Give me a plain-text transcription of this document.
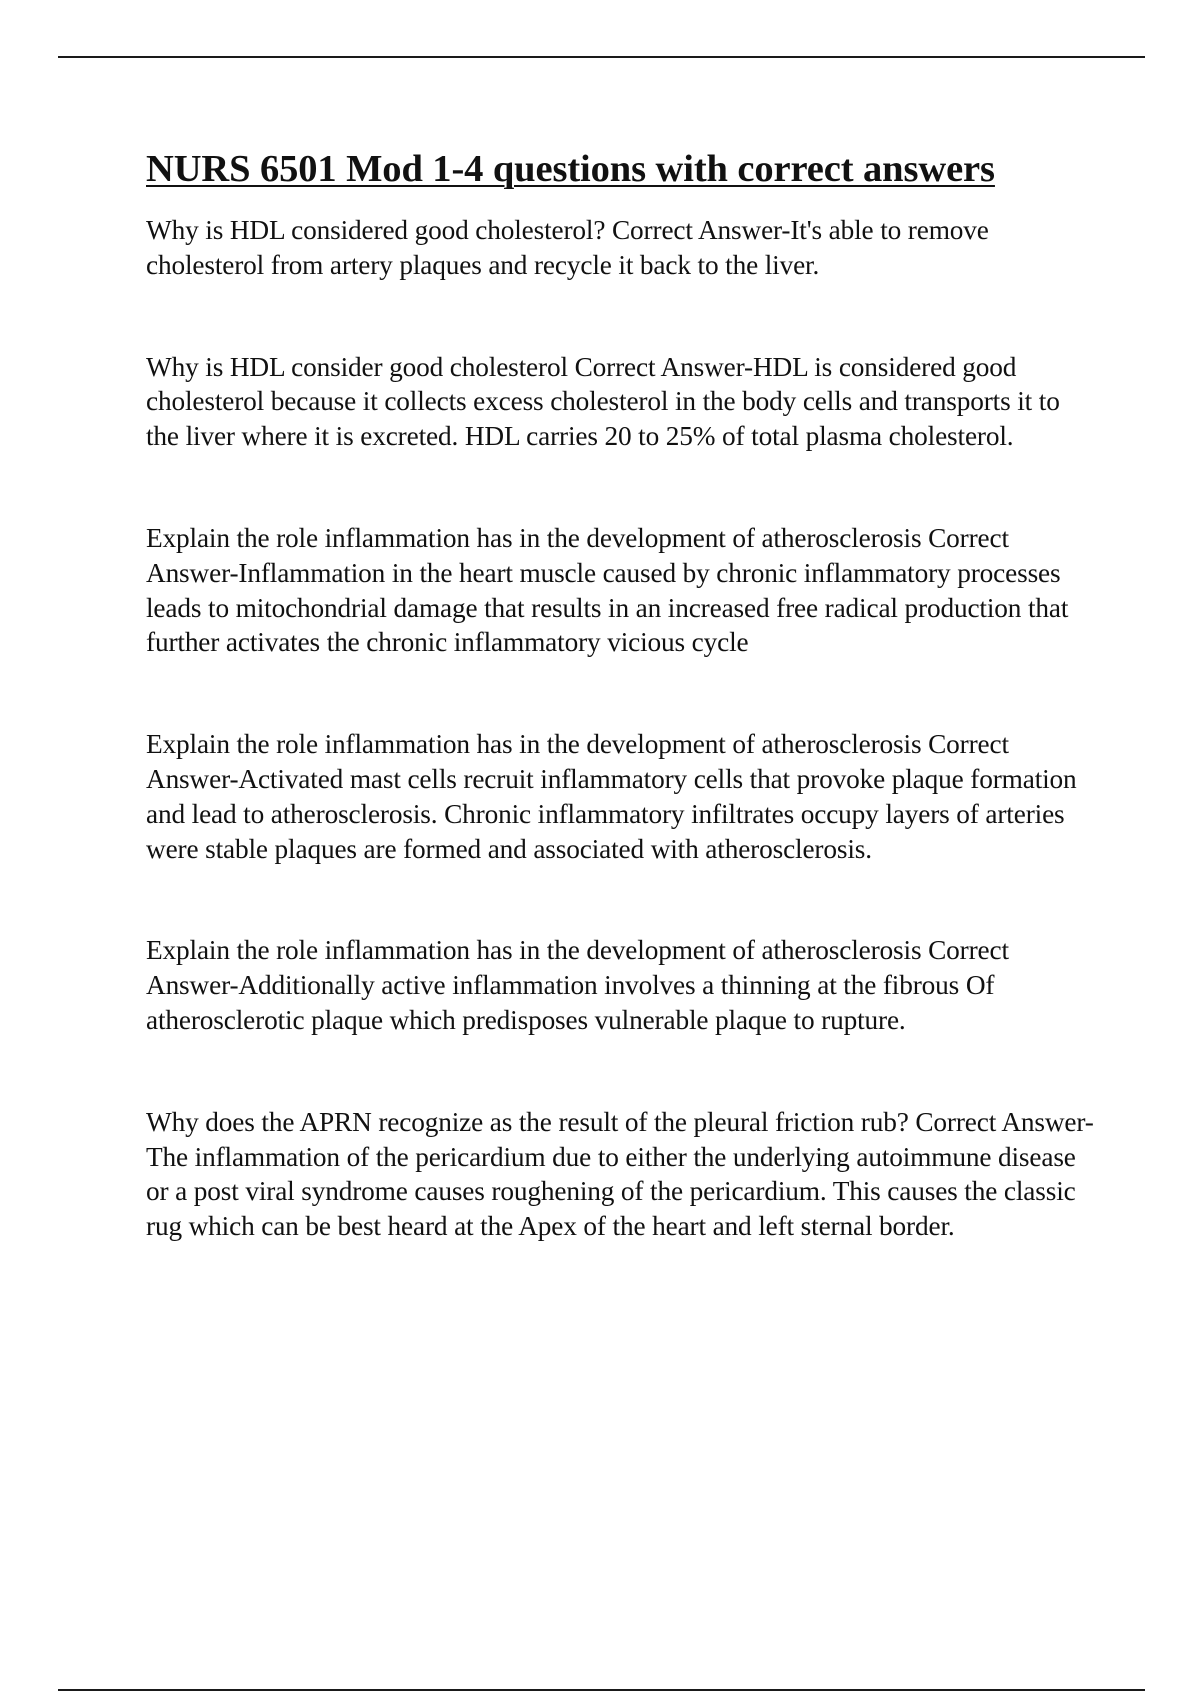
NURS 6501 Mod 1-4 questions with correct answers

Why is HDL considered good cholesterol? Correct Answer-It's able to remove cholesterol from artery plaques and recycle it back to the liver.

Why is HDL consider good cholesterol Correct Answer-HDL is considered good cholesterol because it collects excess cholesterol in the body cells and transports it to the liver where it is excreted. HDL carries 20 to 25% of total plasma cholesterol.

Explain the role inflammation has in the development of atherosclerosis Correct Answer-Inflammation in the heart muscle caused by chronic inflammatory processes leads to mitochondrial damage that results in an increased free radical production that further activates the chronic inflammatory vicious cycle

Explain the role inflammation has in the development of atherosclerosis Correct Answer-Activated mast cells recruit inflammatory cells that provoke plaque formation and lead to atherosclerosis. Chronic inflammatory infiltrates occupy layers of arteries were stable plaques are formed and associated with atherosclerosis.

Explain the role inflammation has in the development of atherosclerosis Correct Answer-Additionally active inflammation involves a thinning at the fibrous Of atherosclerotic plaque which predisposes vulnerable plaque to rupture.

Why does the APRN recognize as the result of the pleural friction rub? Correct Answer-The inflammation of the pericardium due to either the underlying autoimmune disease or a post viral syndrome causes roughening of the pericardium. This causes the classic rug which can be best heard at the Apex of the heart and left sternal border.
